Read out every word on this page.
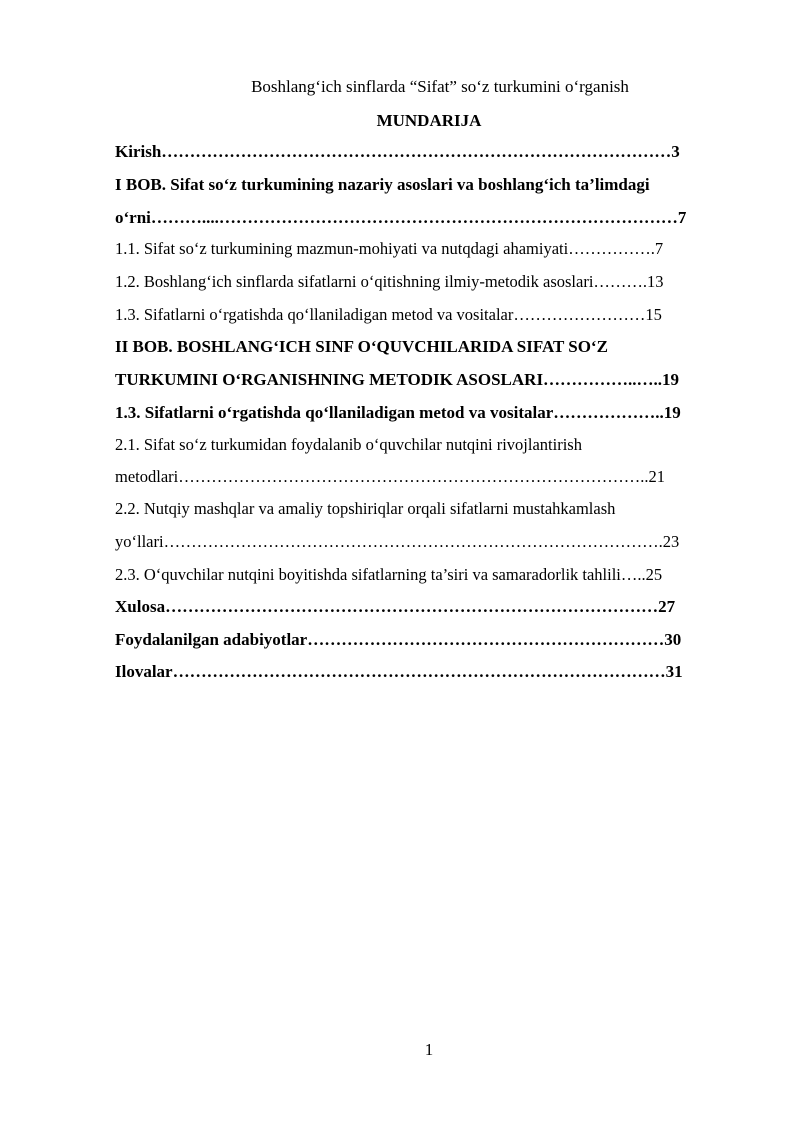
Boshlang‘ich sinflarda “Sifat” so‘z turkumini o‘rganish
MUNDARIJA
Kirish………………………………………………………………………………3
I BOB. Sifat so‘z turkumining nazariy asoslari va boshlang‘ich ta’limdagi
o‘rni………....………………………………………………………………………7
1.1. Sifat so‘z turkumining mazmun-mohiyati va nutqdagi ahamiyati…………….7
1.2. Boshlang‘ich sinflarda sifatlarni o‘qitishning ilmiy-metodik asoslari……….13
1.3. Sifatlarni o‘rgatishda qo‘llaniladigan metod va vositalar……………………15
II BOB. BOSHLANG‘ICH SINF O‘QUVCHILARIDA SIFAT SO‘Z
TURKUMINI O‘RGANISHNING METODIK ASOSLARI……………..…..19
1.3. Sifatlarni o‘rgatishda qo‘llaniladigan metod va vositalar………………..19
2.1. Sifat so‘z turkumidan foydalanib o‘quvchilar nutqini rivojlantirish
metodlari…………………………………………………………………………..21
2.2. Nutqiy mashqlar va amaliy topshiriqlar orqali sifatlarni mustahkamlash
yo‘llari……………………………………………………………………………….23
2.3. O‘quvchilar nutqini boyitishda sifatlarning ta’siri va samaradorlik tahlili…..25
Xulosa……………………………………………………………………………27
Foydalanilgan adabiyotlar………………………………………………………30
Ilovalar……………………………………………………………………………31
1
